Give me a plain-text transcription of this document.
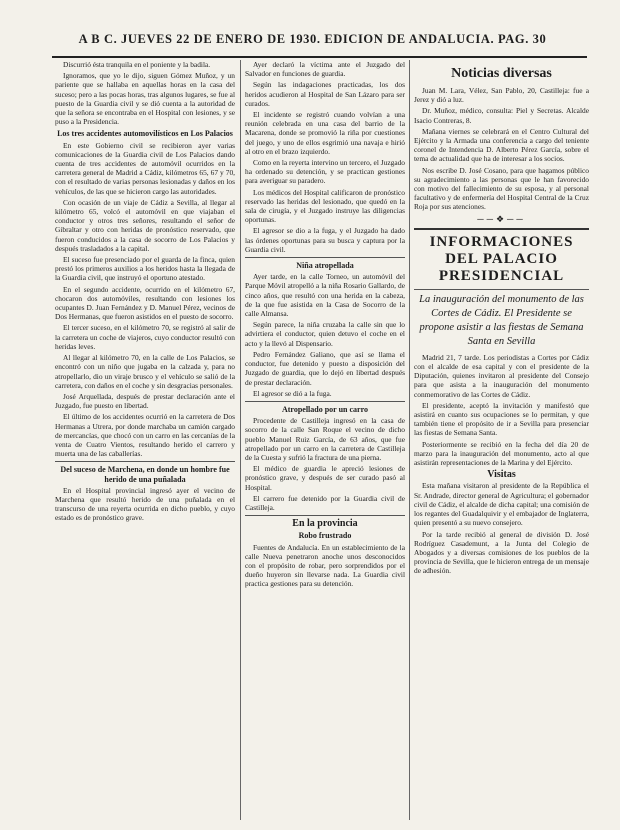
A B C. JUEVES 22 DE ENERO DE 1930. EDICION DE ANDALUCIA. PAG. 30

Discurrió ésta tranquila en el poniente y la badila.

Ignoramos, que yo le dijo, siguen Gómez Muñoz, y un pariente que se hallaba en aquellas horas en la casa del suceso; pero a las pocas horas, tras algunos lugares, se fue al puesto de la Guardia civil y se dió cuenta a la autoridad de que la señora se encontraba en el Hospital con lesiones, y se puso a la Presidencia.

Los tres accidentes automovilísticos en Los Palacios

En este Gobierno civil se recibieron ayer varias comunicaciones de la Guardia civil de Los Palacios dando cuenta de tres accidentes de automóvil ocurridos en la carretera general de Madrid a Cádiz, kilómetros 65, 67 y 70, con el resultado de varias personas lesionadas y daños en los vehículos, de las que se hicieron cargo las autoridades.

Con ocasión de un viaje de Cádiz a Sevilla, al llegar al kilómetro 65, volcó el automóvil en que viajaban el conductor y otros tres señores, resultando el señor de Gibraltar y otro con heridas de pronóstico reservado, que fueron conducidos a la casa de socorro de Los Palacios y después trasladados a la capital.

El suceso fue presenciado por el guarda de la finca, quien prestó los primeros auxilios a los heridos hasta la llegada de la Guardia civil, que instruyó el oportuno atestado.

En el segundo accidente, ocurrido en el kilómetro 67, chocaron dos automóviles, resultando con lesiones los ocupantes D. Juan Fernández y D. Manuel Pérez, vecinos de Dos Hermanas, que fueron asistidos en el puesto de socorro.

El tercer suceso, en el kilómetro 70, se registró al salir de la carretera un coche de viajeros, cuyo conductor resultó con heridas leves.

Al llegar al kilómetro 70, en la calle de Los Palacios, se encontró con un niño que jugaba en la calzada y, para no atropellarlo, dio un viraje brusco y el vehículo se salió de la carretera, con daños en el coche y sin desgracias personales.

José Arquellada, después de prestar declaración ante el Juzgado, fue puesto en libertad.

El último de los accidentes ocurrió en la carretera de Dos Hermanas a Utrera, por donde marchaba un camión cargado de mercancías, que chocó con un carro en las cercanías de la venta de Cuatro Vientos, resultando herido el carrero y muerta una de las caballerías.

Del suceso de Marchena, en donde un hombre fue herido de una puñalada

En el Hospital provincial ingresó ayer el vecino de Marchena que resultó herido de una puñalada en el transcurso de una reyerta ocurrida en dicho pueblo, y cuyo estado es de pronóstico grave.

Ayer declaró la víctima ante el Juzgado del Salvador en funciones de guardia.

Según las indagaciones practicadas, los dos heridos acudieron al Hospital de San Lázaro para ser curados.

El incidente se registró cuando volvían a una reunión celebrada en una casa del barrio de la Macarena, donde se promovió la riña por cuestiones del juego, y uno de ellos esgrimió una navaja e hirió al otro en el brazo izquierdo.

Como en la reyerta intervino un tercero, el Juzgado ha ordenado su detención, y se practican gestiones para averiguar su paradero.

Los médicos del Hospital calificaron de pronóstico reservado las heridas del lesionado, que quedó en la sala de cirugía, y el Juzgado instruye las diligencias oportunas.

El agresor se dio a la fuga, y el Juzgado ha dado las órdenes oportunas para su busca y captura por la Guardia civil.

Niña atropellada

Ayer tarde, en la calle Torneo, un automóvil del Parque Móvil atropelló a la niña Rosario Gallardo, de cinco años, que resultó con una herida en la cabeza, de la que fue asistida en la Casa de Socorro de la calle Almansa.

Según parece, la niña cruzaba la calle sin que lo advirtiera el conductor, quien detuvo el coche en el acto y la llevó al Dispensario.

Pedro Fernández Galiano, que así se llama el conductor, fue detenido y puesto a disposición del Juzgado de guardia, que lo dejó en libertad después de prestar declaración.

El agresor se dió a la fuga.

Atropellado por un carro

Procedente de Castilleja ingresó en la casa de socorro de la calle San Roque el vecino de dicho pueblo Manuel Ruiz García, de 63 años, que fue atropellado por un carro en la carretera de Castilleja de la Cuesta y sufrió la fractura de una pierna.

El médico de guardia le apreció lesiones de pronóstico grave, y después de ser curado pasó al Hospital.

El carrero fue detenido por la Guardia civil de Castilleja.

En la provincia
Robo frustrado

Fuentes de Andalucía. En un establecimiento de la calle Nueva penetraron anoche unos desconocidos con el propósito de robar, pero sorprendidos por el dueño huyeron sin llevarse nada. La Guardia civil practica gestiones para su detención.

Noticias diversas

Juan M. Lara, Vélez, San Pablo, 20, Castilleja: fue a Jerez y dió a luz.

Dr. Muñoz, médico, consulta: Piel y Secretas. Alcalde Isacio Contreras, 8.

Mañana viernes se celebrará en el Centro Cultural del Ejército y la Armada una conferencia a cargo del teniente coronel de Intendencia D. Alberto Pérez García, sobre el tema de actualidad que ha de interesar a los socios.

Nos escribe D. José Cosano, para que hagamos público su agradecimiento a las personas que le han favorecido con motivo del fallecimiento de su esposa, y al personal facultativo y de enfermería del Hospital Central de la Cruz Roja por sus atenciones.

──❖──
INFORMACIONES DEL PALACIO PRESIDENCIAL
La inauguración del monumento de las Cortes de Cádiz. El Presidente se propone asistir a las fiestas de Semana Santa en Sevilla

Madrid 21, 7 tarde. Los periodistas a Cortes por Cádiz con el alcalde de esa capital y con el presidente de la Diputación, quienes invitaron al presidente del Consejo para que asista a la inauguración del monumento conmemorativo de las Cortes de Cádiz.

El presidente, aceptó la invitación y manifestó que asistirá en cuanto sus ocupaciones se lo permitan, y que también tiene el propósito de ir a Sevilla para presenciar las fiestas de Semana Santa.

Posteriormente se recibió en la fecha del día 20 de marzo para la inauguración del monumento, acto al que asistirán representaciones de la Marina y del Ejército.

Visitas

Esta mañana visitaron al presidente de la República el Sr. Andrade, director general de Agricultura; el gobernador civil de Cádiz, el alcalde de dicha capital; una comisión de los regantes del Guadalquivir y el embajador de Inglaterra, quien presentó a su nuevo consejero.

Por la tarde recibió al general de división D. José Rodríguez Casademunt, a la Junta del Colegio de Abogados y a diversas comisiones de los pueblos de la provincia de Sevilla, que le hicieron entrega de un mensaje de adhesión.
